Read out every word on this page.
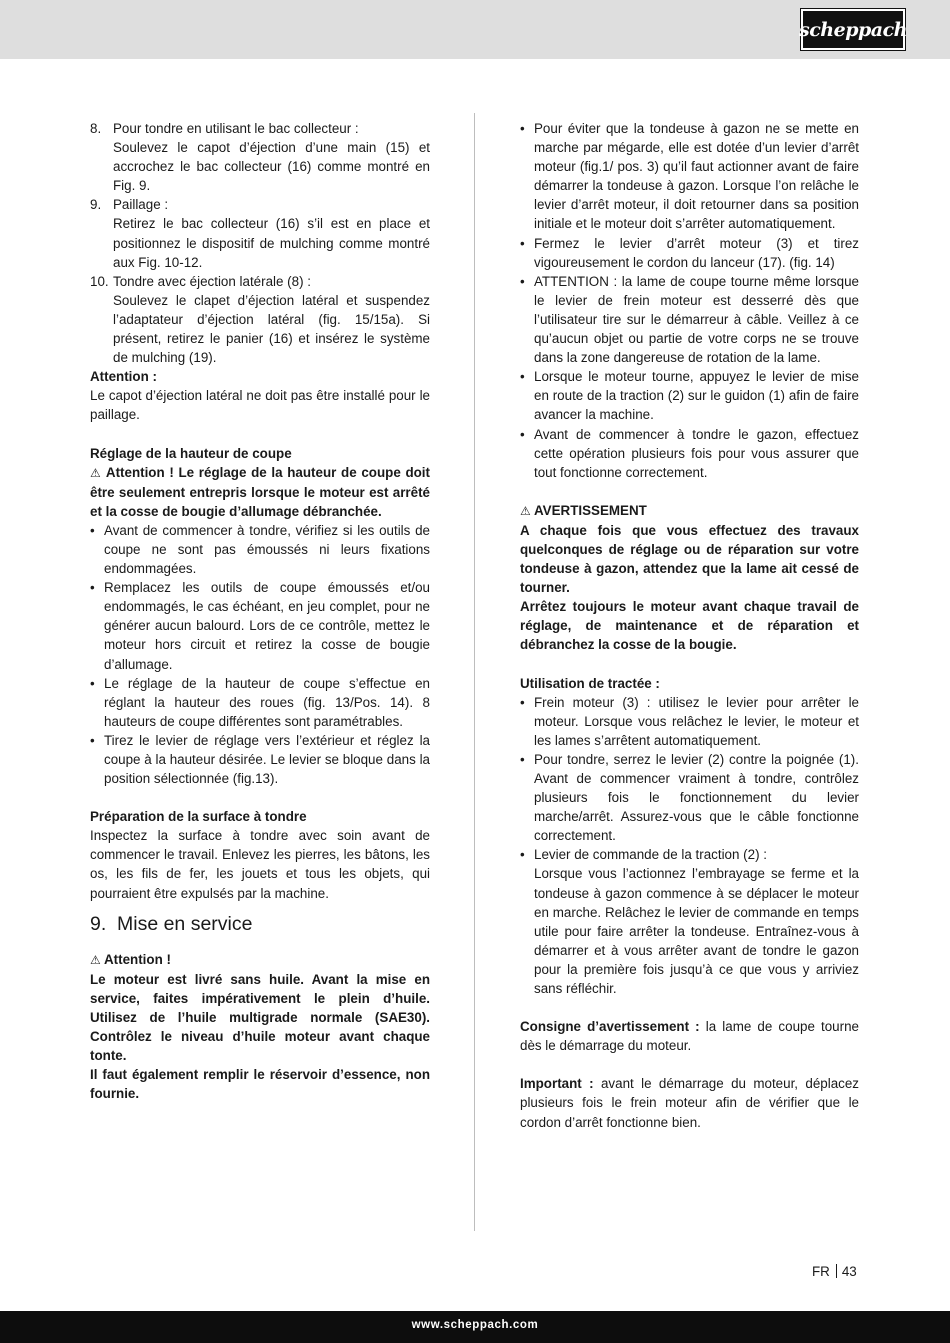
scheppach
8. Pour tondre en utilisant le bac collecteur :

Soulevez le capot d’éjection d’une main (15) et accrochez le bac collecteur (16) comme montré en Fig. 9.

9. Paillage :

Retirez le bac collecteur (16) s’il est en place et positionnez le dispositif de mulching comme montré aux Fig. 10-12.

10. Tondre avec éjection latérale (8) :

Soulevez le clapet d’éjection latéral et suspendez l’adaptateur d’éjection latéral (fig. 15/15a). Si présent, retirez le panier (16) et insérez le système de mulching (19).

Attention :

Le capot d’éjection latéral ne doit pas être installé pour le paillage.

Réglage de la hauteur de coupe

⚠ Attention ! Le réglage de la hauteur de coupe doit être seulement entrepris lorsque le moteur est arrêté et la cosse de bougie d’allumage débranchée.

• Avant de commencer à tondre, vérifiez si les outils de coupe ne sont pas émoussés ni leurs fixations endommagées.
• Remplacez les outils de coupe émoussés et/ou endommagés, le cas échéant, en jeu complet, pour ne générer aucun balourd. Lors de ce contrôle, mettez le moteur hors circuit et retirez la cosse de bougie d’allumage.
• Le réglage de la hauteur de coupe s’effectue en réglant la hauteur des roues (fig. 13/Pos. 14). 8 hauteurs de coupe différentes sont paramétrables.
• Tirez le levier de réglage vers l’extérieur et réglez la coupe à la hauteur désirée. Le levier se bloque dans la position sélectionnée (fig.13).

Préparation de la surface à tondre

Inspectez la surface à tondre avec soin avant de commencer le travail. Enlevez les pierres, les bâtons, les os, les fils de fer, les jouets et tous les objets, qui pourraient être expulsés par la machine.

9. Mise en service

⚠ Attention !

Le moteur est livré sans huile. Avant la mise en service, faites impérativement le plein d’huile. Utilisez de l’huile multigrade normale (SAE30). Contrôlez le niveau d’huile moteur avant chaque tonte.

Il faut également remplir le réservoir d’essence, non fournie.

• Pour éviter que la tondeuse à gazon ne se mette en marche par mégarde, elle est dotée d’un levier d’arrêt moteur (fig.1/ pos. 3) qu’il faut actionner avant de faire démarrer la tondeuse à gazon. Lorsque l’on relâche le levier d’arrêt moteur, il doit retourner dans sa position initiale et le moteur doit s’arrêter automatiquement.
• Fermez le levier d’arrêt moteur (3) et tirez vigoureusement le cordon du lanceur (17). (fig. 14)
• ATTENTION : la lame de coupe tourne même lorsque le levier de frein moteur est desserré dès que l’utilisateur tire sur le démarreur à câble. Veillez à ce qu’aucun objet ou partie de votre corps ne se trouve dans la zone dangereuse de rotation de la lame.
• Lorsque le moteur tourne, appuyez le levier de mise en route de la traction (2) sur le guidon (1) afin de faire avancer la machine.
• Avant de commencer à tondre le gazon, effectuez cette opération plusieurs fois pour vous assurer que tout fonctionne correctement.

⚠ AVERTISSEMENT

A chaque fois que vous effectuez des travaux quelconques de réglage ou de réparation sur votre tondeuse à gazon, attendez que la lame ait cessé de tourner.

Arrêtez toujours le moteur avant chaque travail de réglage, de maintenance et de réparation et débranchez la cosse de la bougie.

Utilisation de tractée :

• Frein moteur (3) : utilisez le levier pour arrêter le moteur. Lorsque vous relâchez le levier, le moteur et les lames s’arrêtent automatiquement.
• Pour tondre, serrez le levier (2) contre la poignée (1). Avant de commencer vraiment à tondre, contrôlez plusieurs fois le fonctionnement du levier marche/arrêt. Assurez-vous que le câble fonctionne correctement.
• Levier de commande de la traction (2) :
Lorsque vous l’actionnez l’embrayage se ferme et la tondeuse à gazon commence à se déplacer le moteur en marche. Relâchez le levier de commande en temps utile pour faire arrêter la tondeuse. Entraînez-vous à démarrer et à vous arrêter avant de tondre le gazon pour la première fois jusqu’à ce que vous y arriviez sans réfléchir.

Consigne d’avertissement : la lame de coupe tourne dès le démarrage du moteur.

Important : avant le démarrage du moteur, déplacez plusieurs fois le frein moteur afin de vérifier que le cordon d’arrêt fonctionne bien.

FR 43
www.scheppach.com
